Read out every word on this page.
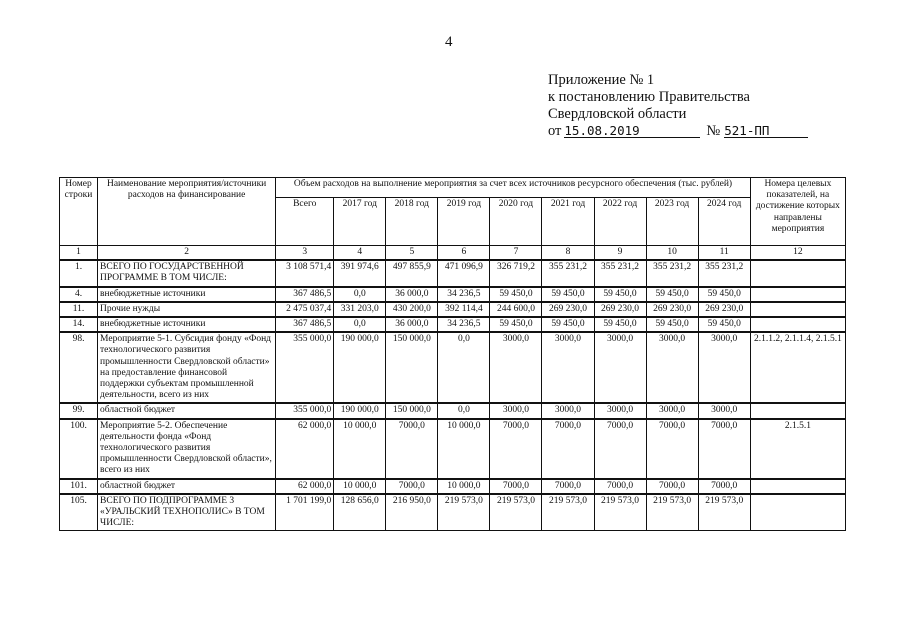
4
Приложение № 1
к постановлению Правительства
Свердловской области
от 15.08.2019	№ 521-ПП
Номер строки	Наименование мероприятия/источники расходов на финансирование	Объем расходов на выполнение мероприятия за счет всех источников ресурсного обеспечения (тыс. рублей)									Номера целевых показателей, на достижение которых направлены мероприятия
		Всего	2017 год	2018 год	2019 год	2020 год	2021 год	2022 год	2023 год	2024 год	
1	2	3	4	5	6	7	8	9	10	11	12
1.	ВСЕГО ПО ГОСУДАРСТВЕННОЙ ПРОГРАММЕ В ТОМ ЧИСЛЕ:	3 108 571,4	391 974,6	497 855,9	471 096,9	326 719,2	355 231,2	355 231,2	355 231,2	355 231,2	
4.	внебюджетные источники	367 486,5	0,0	36 000,0	34 236,5	59 450,0	59 450,0	59 450,0	59 450,0	59 450,0	
11.	Прочие нужды	2 475 037,4	331 203,0	430 200,0	392 114,4	244 600,0	269 230,0	269 230,0	269 230,0	269 230,0	
14.	внебюджетные источники	367 486,5	0,0	36 000,0	34 236,5	59 450,0	59 450,0	59 450,0	59 450,0	59 450,0	
98.	Мероприятие 5-1. Субсидия фонду «Фонд технологического развития промышленности Свердловской области» на предоставление финансовой поддержки субъектам промышленной деятельности, всего из них	355 000,0	190 000,0	150 000,0	0,0	3000,0	3000,0	3000,0	3000,0	3000,0	2.1.1.2, 2.1.1.4, 2.1.5.1
99.	областной бюджет	355 000,0	190 000,0	150 000,0	0,0	3000,0	3000,0	3000,0	3000,0	3000,0	
100.	Мероприятие 5-2. Обеспечение деятельности фонда «Фонд технологического развития промышленности Свердловской области», всего из них	62 000,0	10 000,0	7000,0	10 000,0	7000,0	7000,0	7000,0	7000,0	7000,0	2.1.5.1
101.	областной бюджет	62 000,0	10 000,0	7000,0	10 000,0	7000,0	7000,0	7000,0	7000,0	7000,0	
105.	ВСЕГО ПО ПОДПРОГРАММЕ 3 «УРАЛЬСКИЙ ТЕХНОПОЛИС» В ТОМ ЧИСЛЕ:	1 701 199,0	128 656,0	216 950,0	219 573,0	219 573,0	219 573,0	219 573,0	219 573,0	219 573,0	
